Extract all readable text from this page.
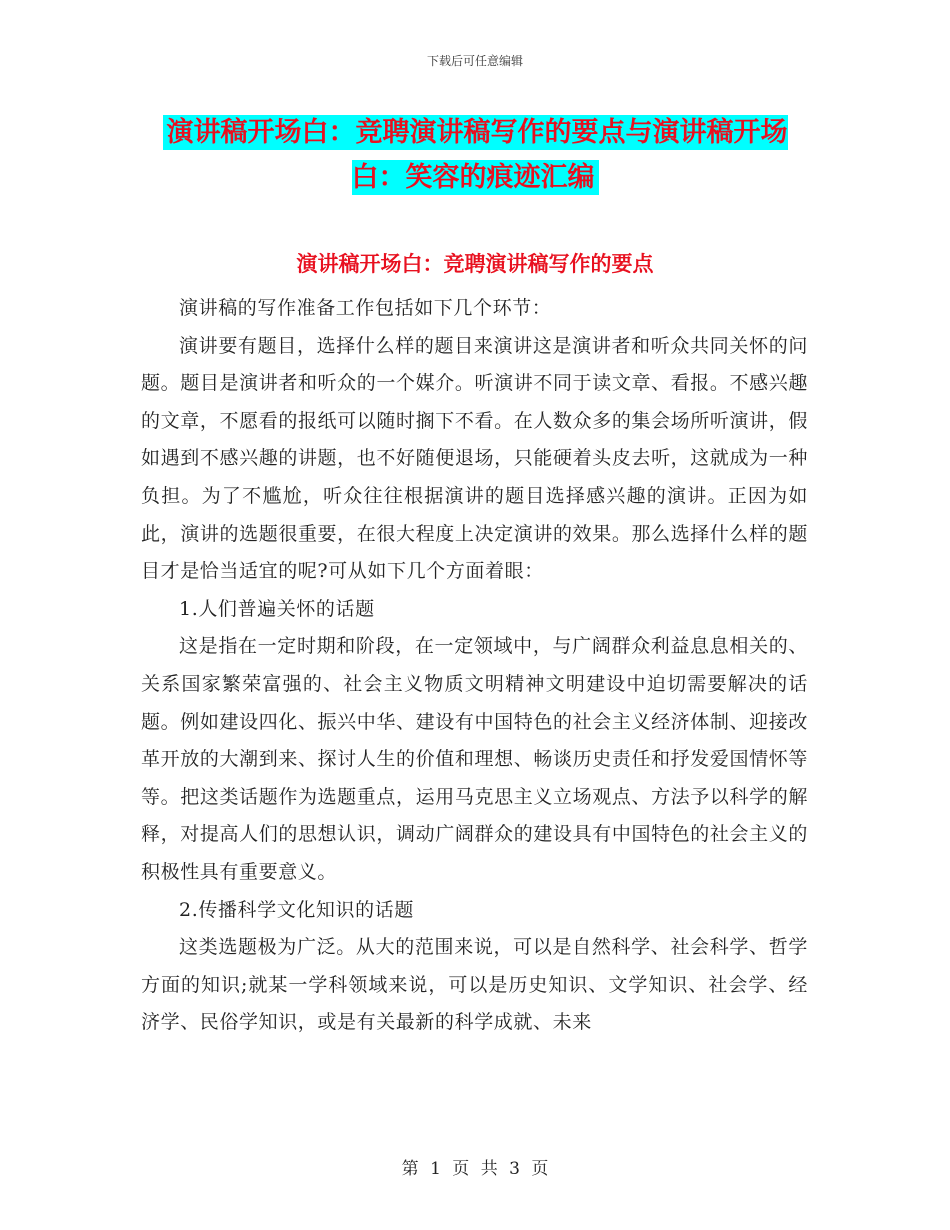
下载后可任意编辑
演讲稿开场白：竞聘演讲稿写作的要点与演讲稿开场白：笑容的痕迹汇编
演讲稿开场白：竞聘演讲稿写作的要点

演讲稿的写作准备工作包括如下几个环节：

演讲要有题目，选择什么样的题目来演讲这是演讲者和听众共同关怀的问题。题目是演讲者和听众的一个媒介。听演讲不同于读文章、看报。不感兴趣的文章，不愿看的报纸可以随时搁下不看。在人数众多的集会场所听演讲，假如遇到不感兴趣的讲题，也不好随便退场，只能硬着头皮去听，这就成为一种负担。为了不尴尬，听众往往根据演讲的题目选择感兴趣的演讲。正因为如此，演讲的选题很重要，在很大程度上决定演讲的效果。那么选择什么样的题目才是恰当适宜的呢?可从如下几个方面着眼：

1.人们普遍关怀的话题

这是指在一定时期和阶段，在一定领域中，与广阔群众利益息息相关的、关系国家繁荣富强的、社会主义物质文明精神文明建设中迫切需要解决的话题。例如建设四化、振兴中华、建设有中国特色的社会主义经济体制、迎接改革开放的大潮到来、探讨人生的价值和理想、畅谈历史责任和抒发爱国情怀等等。把这类话题作为选题重点，运用马克思主义立场观点、方法予以科学的解释，对提高人们的思想认识，调动广阔群众的建设具有中国特色的社会主义的积极性具有重要意义。

2.传播科学文化知识的话题

这类选题极为广泛。从大的范围来说，可以是自然科学、社会科学、哲学方面的知识;就某一学科领域来说，可以是历史知识、文学知识、社会学、经济学、民俗学知识，或是有关最新的科学成就、未来

第 1 页 共 3 页
